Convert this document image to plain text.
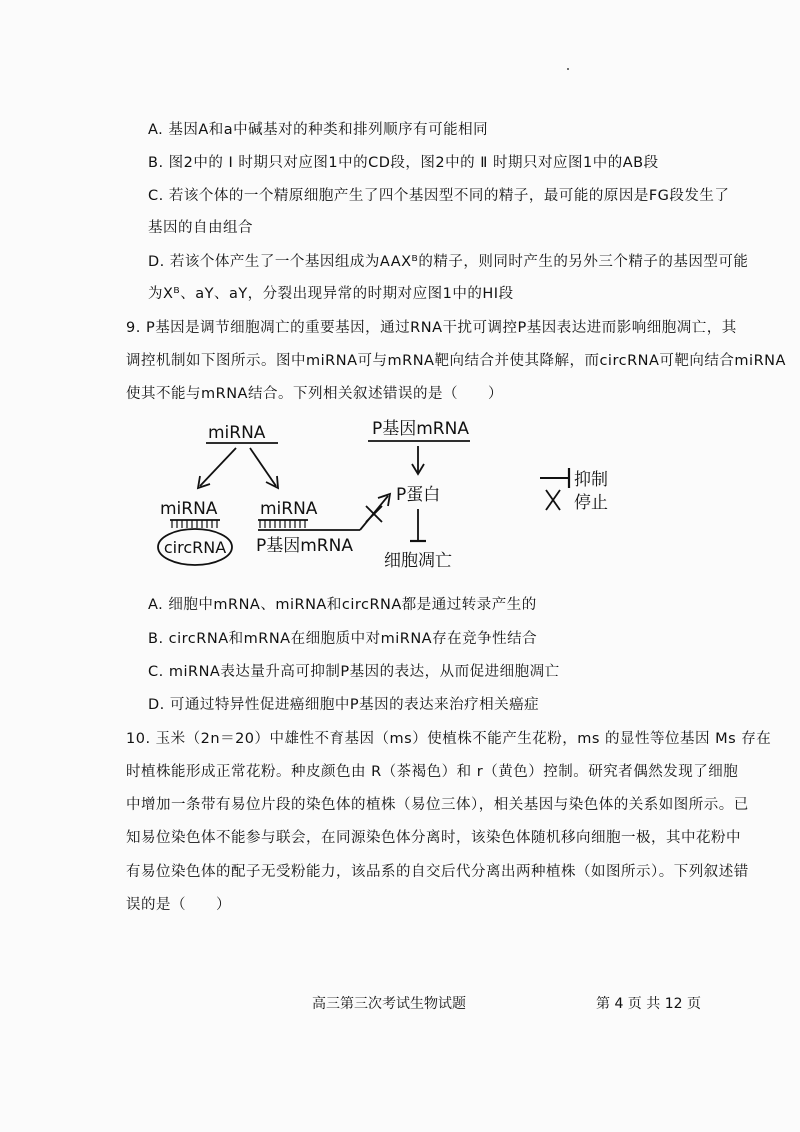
A. 基因A和a中碱基对的种类和排列顺序有可能相同
B. 图2中的 Ⅰ 时期只对应图1中的CD段，图2中的 Ⅱ 时期只对应图1中的AB段
C. 若该个体的一个精原细胞产生了四个基因型不同的精子，最可能的原因是FG段发生了
基因的自由组合
D. 若该个体产生了一个基因组成为AAXᴮ的精子，则同时产生的另外三个精子的基因型可能
为Xᴮ、aY、aY，分裂出现异常的时期对应图1中的HI段
9. P基因是调节细胞凋亡的重要基因，通过RNA干扰可调控P基因表达进而影响细胞凋亡，其
调控机制如下图所示。图中miRNA可与mRNA靶向结合并使其降解，而circRNA可靶向结合miRNA
使其不能与mRNA结合。下列相关叙述错误的是（　　）
miRNA
miRNA
circRNA
miRNA
P基因mRNA
P基因mRNA
P蛋白
细胞凋亡
抑制
停止
A. 细胞中mRNA、miRNA和circRNA都是通过转录产生的
B. circRNA和mRNA在细胞质中对miRNA存在竞争性结合
C. miRNA表达量升高可抑制P基因的表达，从而促进细胞凋亡
D. 可通过特异性促进癌细胞中P基因的表达来治疗相关癌症
10. 玉米（2n＝20）中雄性不育基因（ms）使植株不能产生花粉，ms 的显性等位基因 Ms 存在
时植株能形成正常花粉。种皮颜色由 R（茶褐色）和 r（黄色）控制。研究者偶然发现了细胞
中增加一条带有易位片段的染色体的植株（易位三体），相关基因与染色体的关系如图所示。已
知易位染色体不能参与联会，在同源染色体分离时，该染色体随机移向细胞一极，其中花粉中
有易位染色体的配子无受粉能力，该品系的自交后代分离出两种植株（如图所示）。下列叙述错
误的是（　　）
高三第三次考试生物试题	第 4 页 共 12 页
